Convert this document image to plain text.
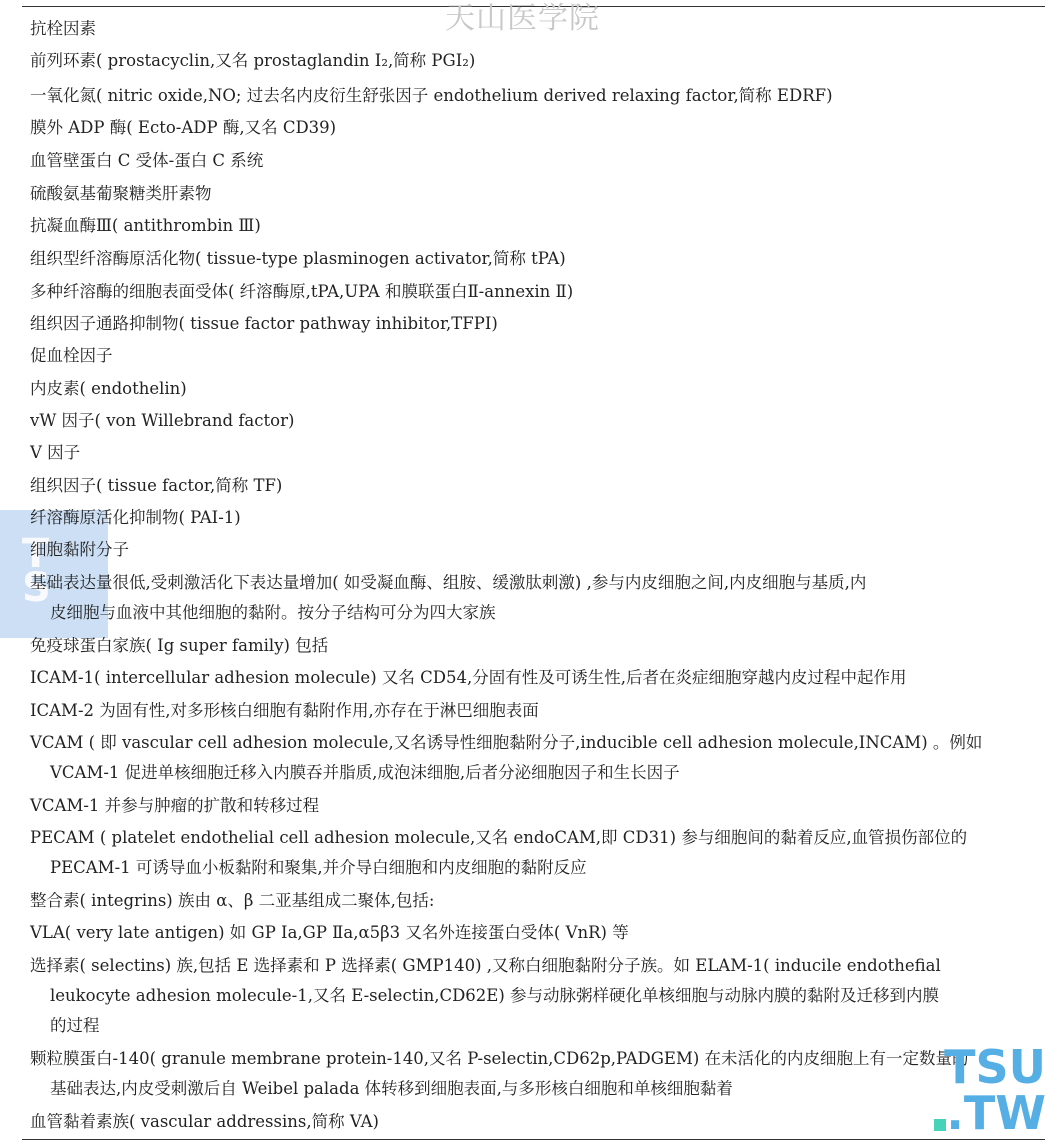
天山医学院
T
S
抗栓因素
前列环素( prostacyclin,又名 prostaglandin I₂,简称 PGI₂)
一氧化氮( nitric oxide,NO; 过去名内皮衍生舒张因子 endothelium derived relaxing factor,简称 EDRF)
膜外 ADP 酶( Ecto-ADP 酶,又名 CD39)
血管壁蛋白 C 受体-蛋白 C 系统
硫酸氨基葡聚糖类肝素物
抗凝血酶Ⅲ( antithrombin Ⅲ)
组织型纤溶酶原活化物( tissue-type plasminogen activator,简称 tPA)
多种纤溶酶的细胞表面受体( 纤溶酶原,tPA,UPA 和膜联蛋白Ⅱ-annexin Ⅱ)
组织因子通路抑制物( tissue factor pathway inhibitor,TFPI)
促血栓因子
内皮素( endothelin)
vW 因子( von Willebrand factor)
V 因子
组织因子( tissue factor,简称 TF)
纤溶酶原活化抑制物( PAI-1)
细胞黏附分子
基础表达量很低,受刺激活化下表达量增加( 如受凝血酶、组胺、缓激肽刺激) ,参与内皮细胞之间,内皮细胞与基质,内
皮细胞与血液中其他细胞的黏附。按分子结构可分为四大家族
免疫球蛋白家族( Ig super family) 包括
ICAM-1( intercellular adhesion molecule) 又名 CD54,分固有性及可诱生性,后者在炎症细胞穿越内皮过程中起作用
ICAM-2 为固有性,对多形核白细胞有黏附作用,亦存在于淋巴细胞表面
VCAM ( 即 vascular cell adhesion molecule,又名诱导性细胞黏附分子,inducible cell adhesion molecule,INCAM) 。例如
VCAM-1 促进单核细胞迁移入内膜吞并脂质,成泡沫细胞,后者分泌细胞因子和生长因子
VCAM-1 并参与肿瘤的扩散和转移过程
PECAM ( platelet endothelial cell adhesion molecule,又名 endoCAM,即 CD31) 参与细胞间的黏着反应,血管损伤部位的
PECAM-1 可诱导血小板黏附和聚集,并介导白细胞和内皮细胞的黏附反应
整合素( integrins) 族由 α、β 二亚基组成二聚体,包括:
VLA( very late antigen) 如 GP Ⅰa,GP Ⅱa,α5β3 又名外连接蛋白受体( VnR) 等
选择素( selectins) 族,包括 E 选择素和 P 选择素( GMP140) ,又称白细胞黏附分子族。如 ELAM-1( inducile endothefial
leukocyte adhesion molecule-1,又名 E-selectin,CD62E) 参与动脉粥样硬化单核细胞与动脉内膜的黏附及迁移到内膜
的过程
颗粒膜蛋白-140( granule membrane protein-140,又名 P-selectin,CD62p,PADGEM) 在未活化的内皮细胞上有一定数量的
基础表达,内皮受刺激后自 Weibel palada 体转移到细胞表面,与多形核白细胞和单核细胞黏着
血管黏着素族( vascular addressins,简称 VA)
TSU
.TW
